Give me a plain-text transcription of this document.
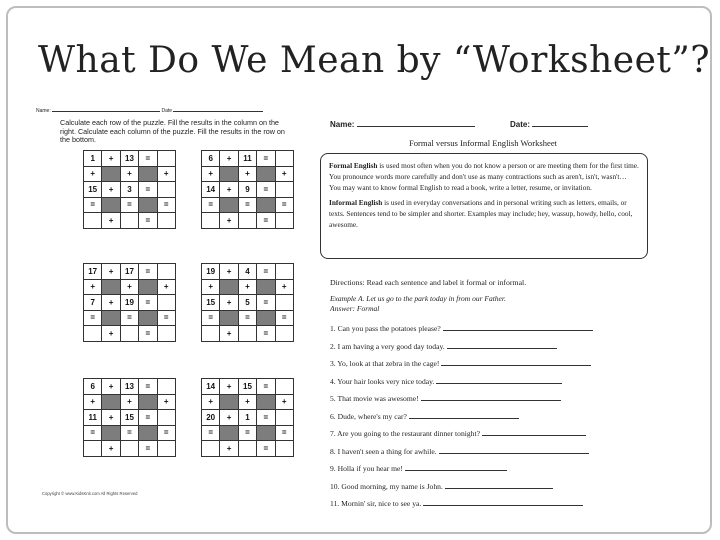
What Do We Mean by “Worksheet”?
Name:	Date
Calculate each row of the puzzle. Fill the results in the column on the right. Calculate each column of the puzzle. Fill the results in the row on the bottom.
1	+	13	=	
+		+		+
15	+	3	=	
=		=		=
	+		=	
6	+	11	=	
+		+		+
14	+	9	=	
=		=		=
	+		=	
17	+	17	=	
+		+		+
7	+	19	=	
=		=		=
	+		=	
19	+	4	=	
+		+		+
15	+	5	=	
=		=		=
	+		=	
6	+	13	=	
+		+		+
11	+	15	=	
=		=		=
	+		=	
14	+	15	=	
+		+		+
20	+	1	=	
=		=		=
	+		=	
Copyright © www.KidsKnit.com All Rights Reserved
Name:	Date:
Formal versus Informal English Worksheet

Formal English is used most often when you do not know a person or are meeting them for the first time. You pronounce words more carefully and don't use as many contractions such as aren't, isn't, wasn't… You may want to know formal English to read a book, write a letter, resume, or invitation.

Informal English is used in everyday conversations and in personal writing such as letters, emails, or texts. Sentences tend to be simpler and shorter. Examples may include; hey, wassup, howdy, hello, cool, awesome.

Directions: Read each sentence and label it formal or informal.
Example A. Let us go to the park today in from our Father.
Answer: Formal
1. Can you pass the potatoes please?
2. I am having a very good day today.
3. Yo, look at that zebra in the cage!
4. Your hair looks very nice today.
5. That movie was awesome!
6. Dude, where's my car?
7. Are you going to the restaurant dinner tonight?
8. I haven't seen a thing for awhile.
9. Holla if you hear me!
10. Good morning, my name is John.
11. Mornin' sir, nice to see ya.
